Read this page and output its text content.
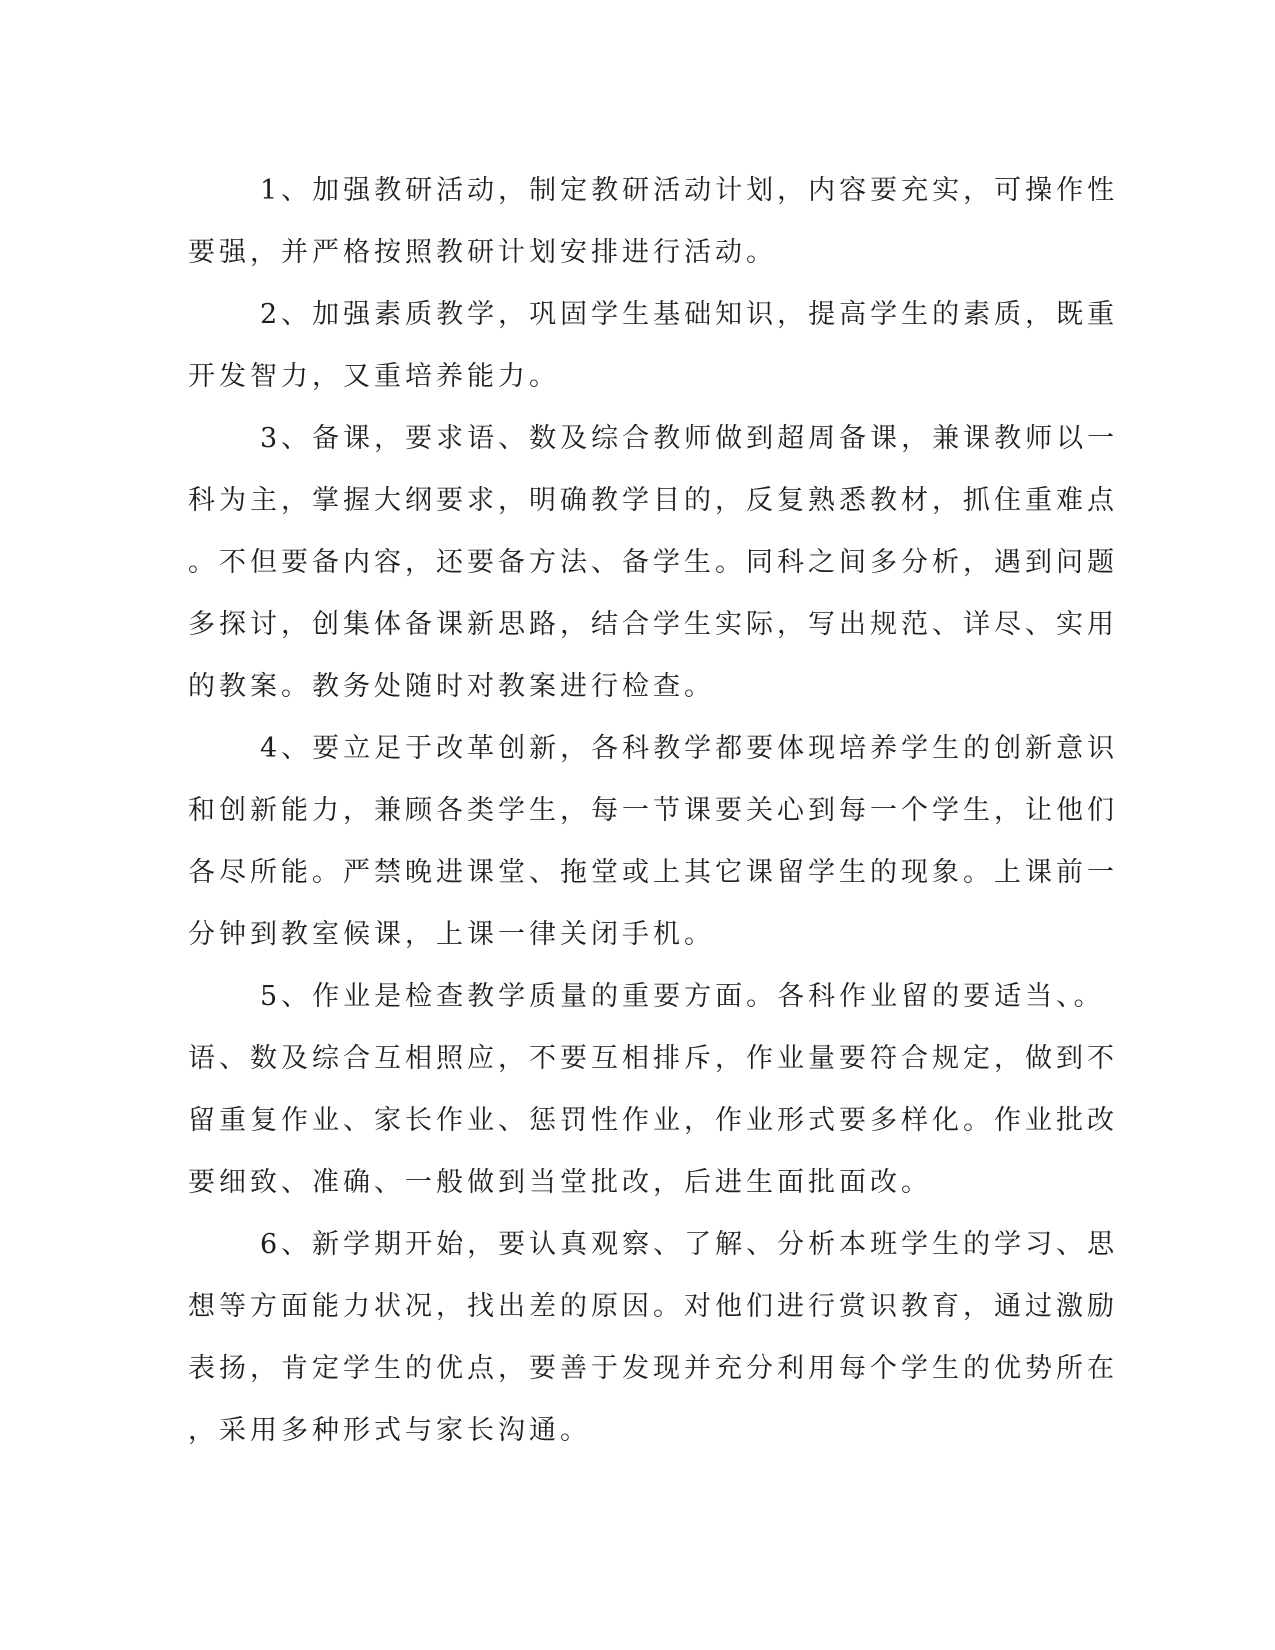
1、加强教研活动，制定教研活动计划，内容要充实，可操作性
要强，并严格按照教研计划安排进行活动。
2、加强素质教学，巩固学生基础知识，提高学生的素质，既重
开发智力，又重培养能力。
3、备课，要求语、数及综合教师做到超周备课，兼课教师以一
科为主，掌握大纲要求，明确教学目的，反复熟悉教材，抓住重难点
。不但要备内容，还要备方法、备学生。同科之间多分析，遇到问题
多探讨，创集体备课新思路，结合学生实际，写出规范、详尽、实用
的教案。教务处随时对教案进行检查。
4、要立足于改革创新，各科教学都要体现培养学生的创新意识
和创新能力，兼顾各类学生，每一节课要关心到每一个学生，让他们
各尽所能。严禁晚进课堂、拖堂或上其它课留学生的现象。上课前一
分钟到教室候课，上课一律关闭手机。
5、作业是检查教学质量的重要方面。各科作业留的要适当、。
语、数及综合互相照应，不要互相排斥，作业量要符合规定，做到不
留重复作业、家长作业、惩罚性作业，作业形式要多样化。作业批改
要细致、准确、一般做到当堂批改，后进生面批面改。
6、新学期开始，要认真观察、了解、分析本班学生的学习、思
想等方面能力状况，找出差的原因。对他们进行赏识教育，通过激励
表扬，肯定学生的优点，要善于发现并充分利用每个学生的优势所在
，采用多种形式与家长沟通。
